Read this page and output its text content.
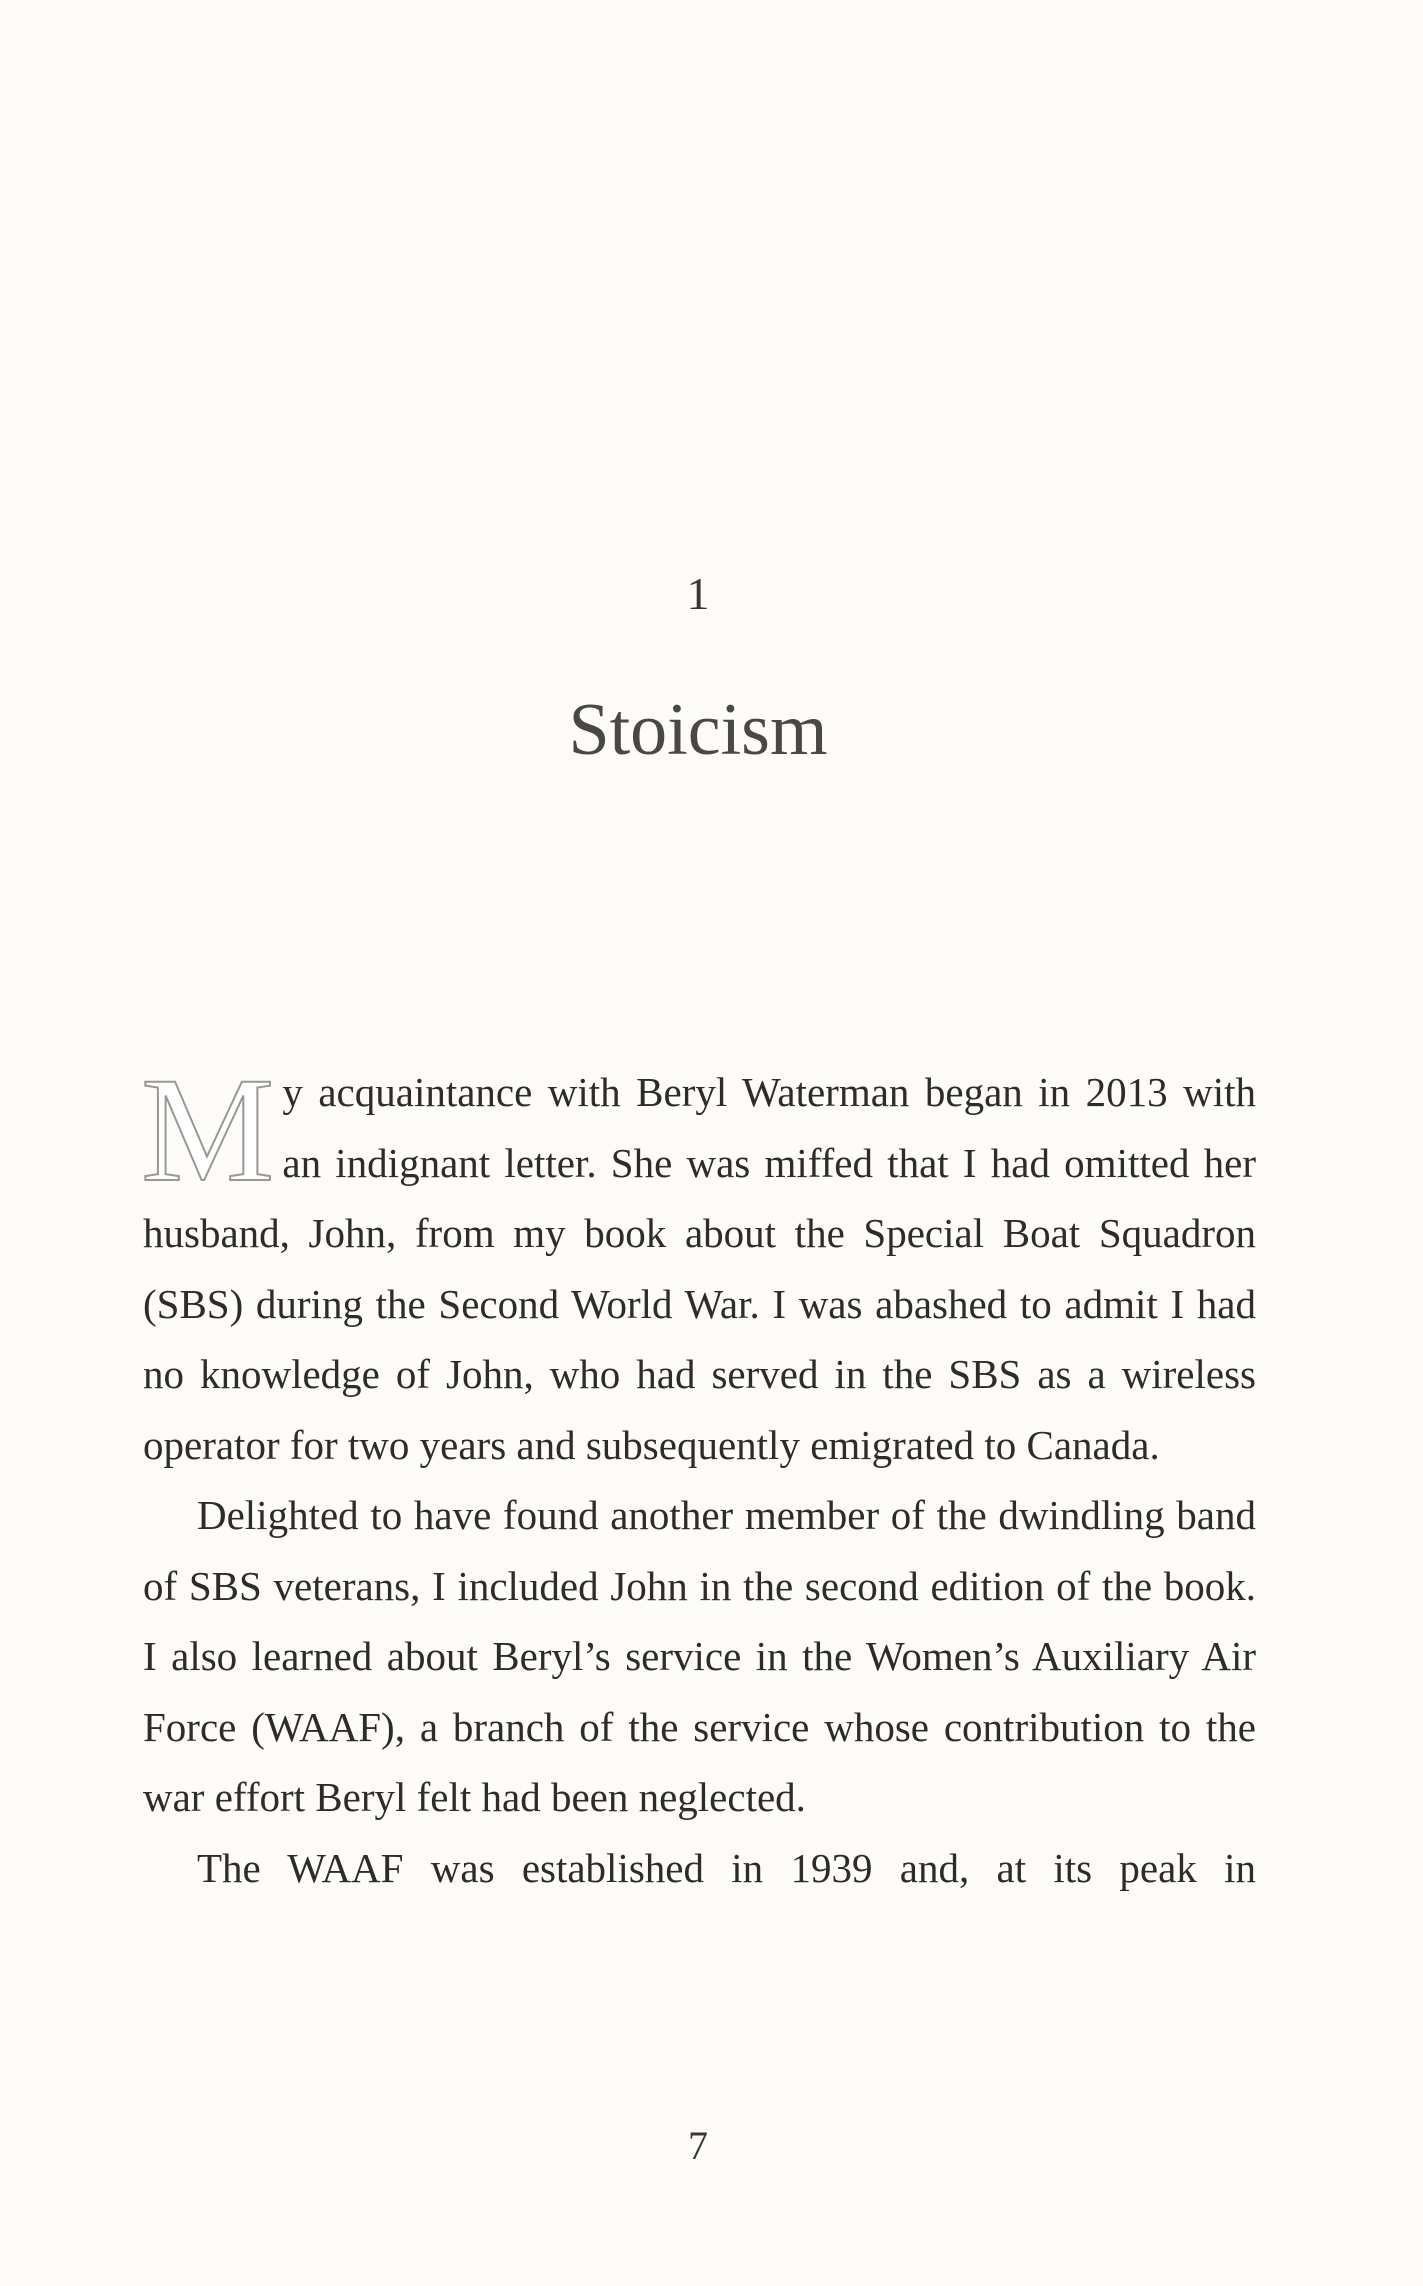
1
Stoicism

My acquaintance with Beryl Waterman began in 2013 with an indignant letter. She was miffed that I had omitted her husband, John, from my book about the Special Boat Squadron (SBS) during the Second World War. I was abashed to admit I had no knowledge of John, who had served in the SBS as a wireless operator for two years and subsequently emigrated to Canada.

Delighted to have found another member of the dwindling band of SBS veterans, I included John in the second edition of the book. I also learned about Beryl’s service in the Women’s Auxiliary Air Force (WAAF), a branch of the service whose contribution to the war effort Beryl felt had been neglected.

The WAAF was established in 1939 and, at its peak in

7
